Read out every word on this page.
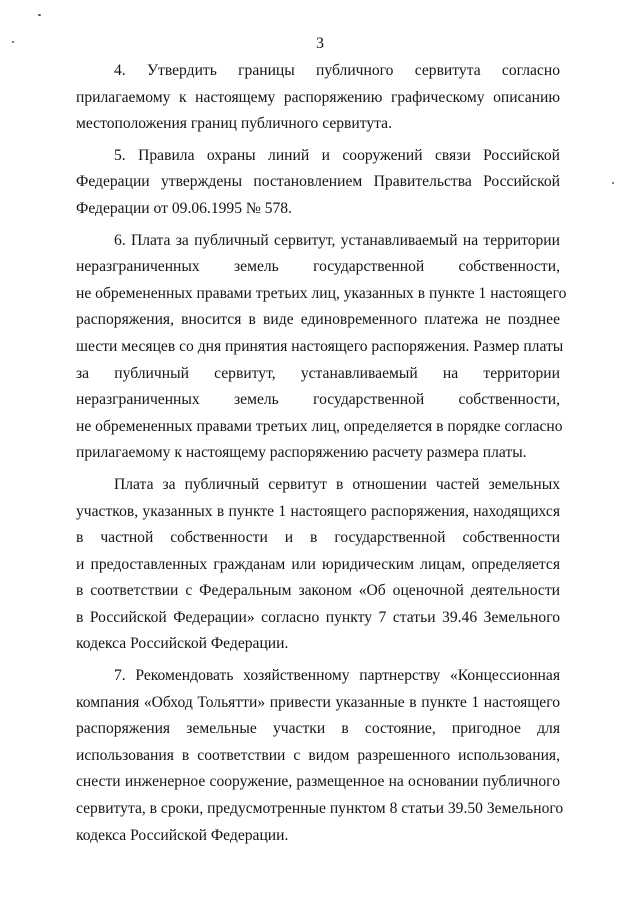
3

4. Утвердить границы публичного сервитута согласно
прилагаемому к настоящему распоряжению графическому описанию
местоположения границ публичного сервитута.

5. Правила охраны линий и сооружений связи Российской
Федерации утверждены постановлением Правительства Российской
Федерации от 09.06.1995 № 578.

6. Плата за публичный сервитут, устанавливаемый на территории
неразграниченных земель государственной собственности,
не обремененных правами третьих лиц, указанных в пункте 1 настоящего
распоряжения, вносится в виде единовременного платежа не позднее
шести месяцев со дня принятия настоящего распоряжения. Размер платы
за публичный сервитут, устанавливаемый на территории
неразграниченных земель государственной собственности,
не обремененных правами третьих лиц, определяется в порядке согласно
прилагаемому к настоящему распоряжению расчету размера платы.

Плата за публичный сервитут в отношении частей земельных
участков, указанных в пункте 1 настоящего распоряжения, находящихся
в частной собственности и в государственной собственности
и предоставленных гражданам или юридическим лицам, определяется
в соответствии с Федеральным законом «Об оценочной деятельности
в Российской Федерации» согласно пункту 7 статьи 39.46 Земельного
кодекса Российской Федерации.

7. Рекомендовать хозяйственному партнерству «Концессионная
компания «Обход Тольятти» привести указанные в пункте 1 настоящего
распоряжения земельные участки в состояние, пригодное для
использования в соответствии с видом разрешенного использования,
снести инженерное сооружение, размещенное на основании публичного
сервитута, в сроки, предусмотренные пунктом 8 статьи 39.50 Земельного
кодекса Российской Федерации.
